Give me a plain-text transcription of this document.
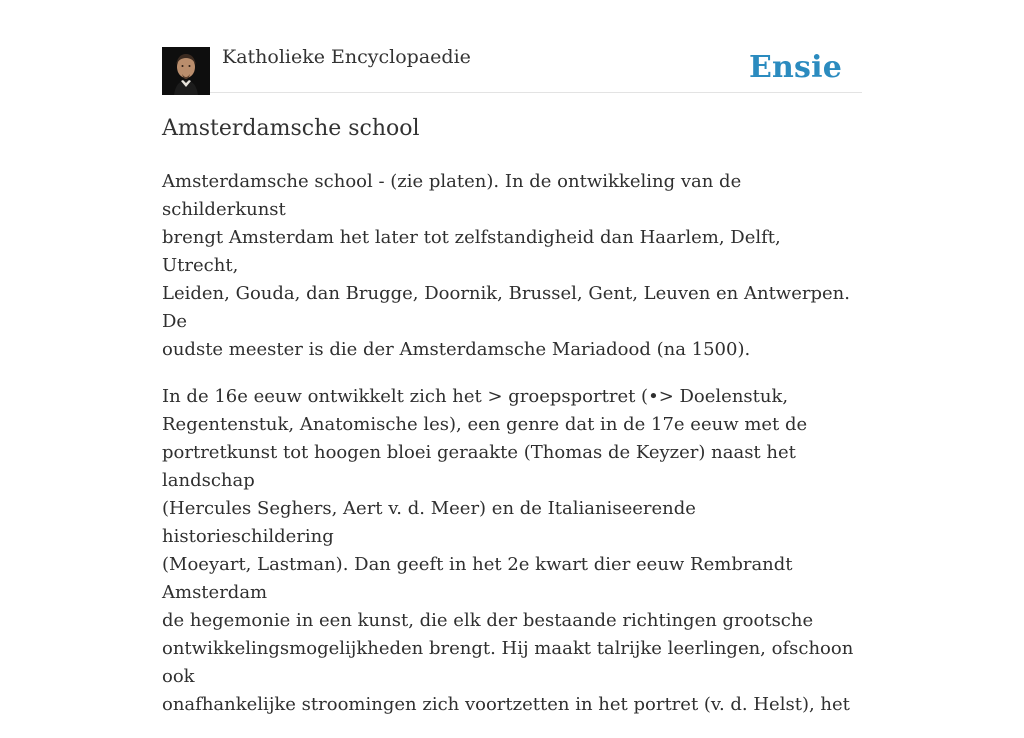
Katholieke Encyclopaedie	Ensie
Amsterdamsche school

Amsterdamsche school - (zie platen). In de ontwikkeling van de schilderkunst
brengt Amsterdam het later tot zelfstandigheid dan Haarlem, Delft, Utrecht,
Leiden, Gouda, dan Brugge, Doornik, Brussel, Gent, Leuven en Antwerpen. De
oudste meester is die der Amsterdamsche Mariadood (na 1500).

In de 16e eeuw ontwikkelt zich het > groepsportret (•> Doelenstuk,
Regentenstuk, Anatomische les), een genre dat in de 17e eeuw met de
portretkunst tot hoogen bloei geraakte (Thomas de Keyzer) naast het landschap
(Hercules Seghers, Aert v. d. Meer) en de Italianiseerende historieschildering
(Moeyart, Lastman). Dan geeft in het 2e kwart dier eeuw Rembrandt Amsterdam
de hegemonie in een kunst, die elk der bestaande richtingen grootsche
ontwikkelingsmogelijkheden brengt. Hij maakt talrijke leerlingen, ofschoon ook
onafhankelijke stroomingen zich voortzetten in het portret (v. d. Helst), het
